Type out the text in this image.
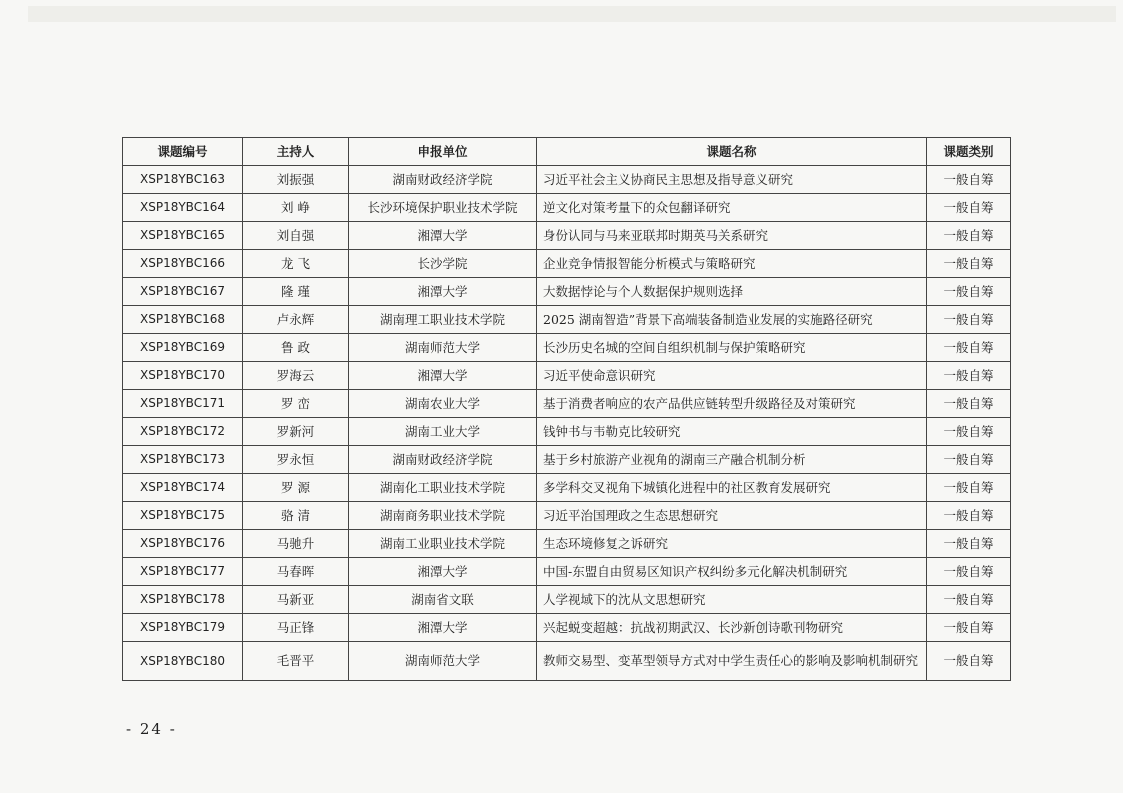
课题编号	主持人	申报单位	课题名称	课题类别
XSP18YBC163	刘振强	湖南财政经济学院	习近平社会主义协商民主思想及指导意义研究	一般自筹
XSP18YBC164	刘 峥	长沙环境保护职业技术学院	逆文化对策考量下的众包翻译研究	一般自筹
XSP18YBC165	刘自强	湘潭大学	身份认同与马来亚联邦时期英马关系研究	一般自筹
XSP18YBC166	龙 飞	长沙学院	企业竞争情报智能分析模式与策略研究	一般自筹
XSP18YBC167	隆 瑾	湘潭大学	大数据悖论与个人数据保护规则选择	一般自筹
XSP18YBC168	卢永辉	湖南理工职业技术学院	2025 湖南智造”背景下高端装备制造业发展的实施路径研究	一般自筹
XSP18YBC169	鲁 政	湖南师范大学	长沙历史名城的空间自组织机制与保护策略研究	一般自筹
XSP18YBC170	罗海云	湘潭大学	习近平使命意识研究	一般自筹
XSP18YBC171	罗 峦	湖南农业大学	基于消费者响应的农产品供应链转型升级路径及对策研究	一般自筹
XSP18YBC172	罗新河	湖南工业大学	钱钟书与韦勒克比较研究	一般自筹
XSP18YBC173	罗永恒	湖南财政经济学院	基于乡村旅游产业视角的湖南三产融合机制分析	一般自筹
XSP18YBC174	罗 源	湖南化工职业技术学院	多学科交叉视角下城镇化进程中的社区教育发展研究	一般自筹
XSP18YBC175	骆 清	湖南商务职业技术学院	习近平治国理政之生态思想研究	一般自筹
XSP18YBC176	马驰升	湖南工业职业技术学院	生态环境修复之诉研究	一般自筹
XSP18YBC177	马春晖	湘潭大学	中国-东盟自由贸易区知识产权纠纷多元化解决机制研究	一般自筹
XSP18YBC178	马新亚	湖南省文联	人学视域下的沈从文思想研究	一般自筹
XSP18YBC179	马正锋	湘潭大学	兴起蜕变超越：抗战初期武汉、长沙新创诗歌刊物研究	一般自筹
XSP18YBC180	毛晋平	湖南师范大学	教师交易型、变革型领导方式对中学生责任心的影响及影响机制研究	一般自筹
- 24 -
